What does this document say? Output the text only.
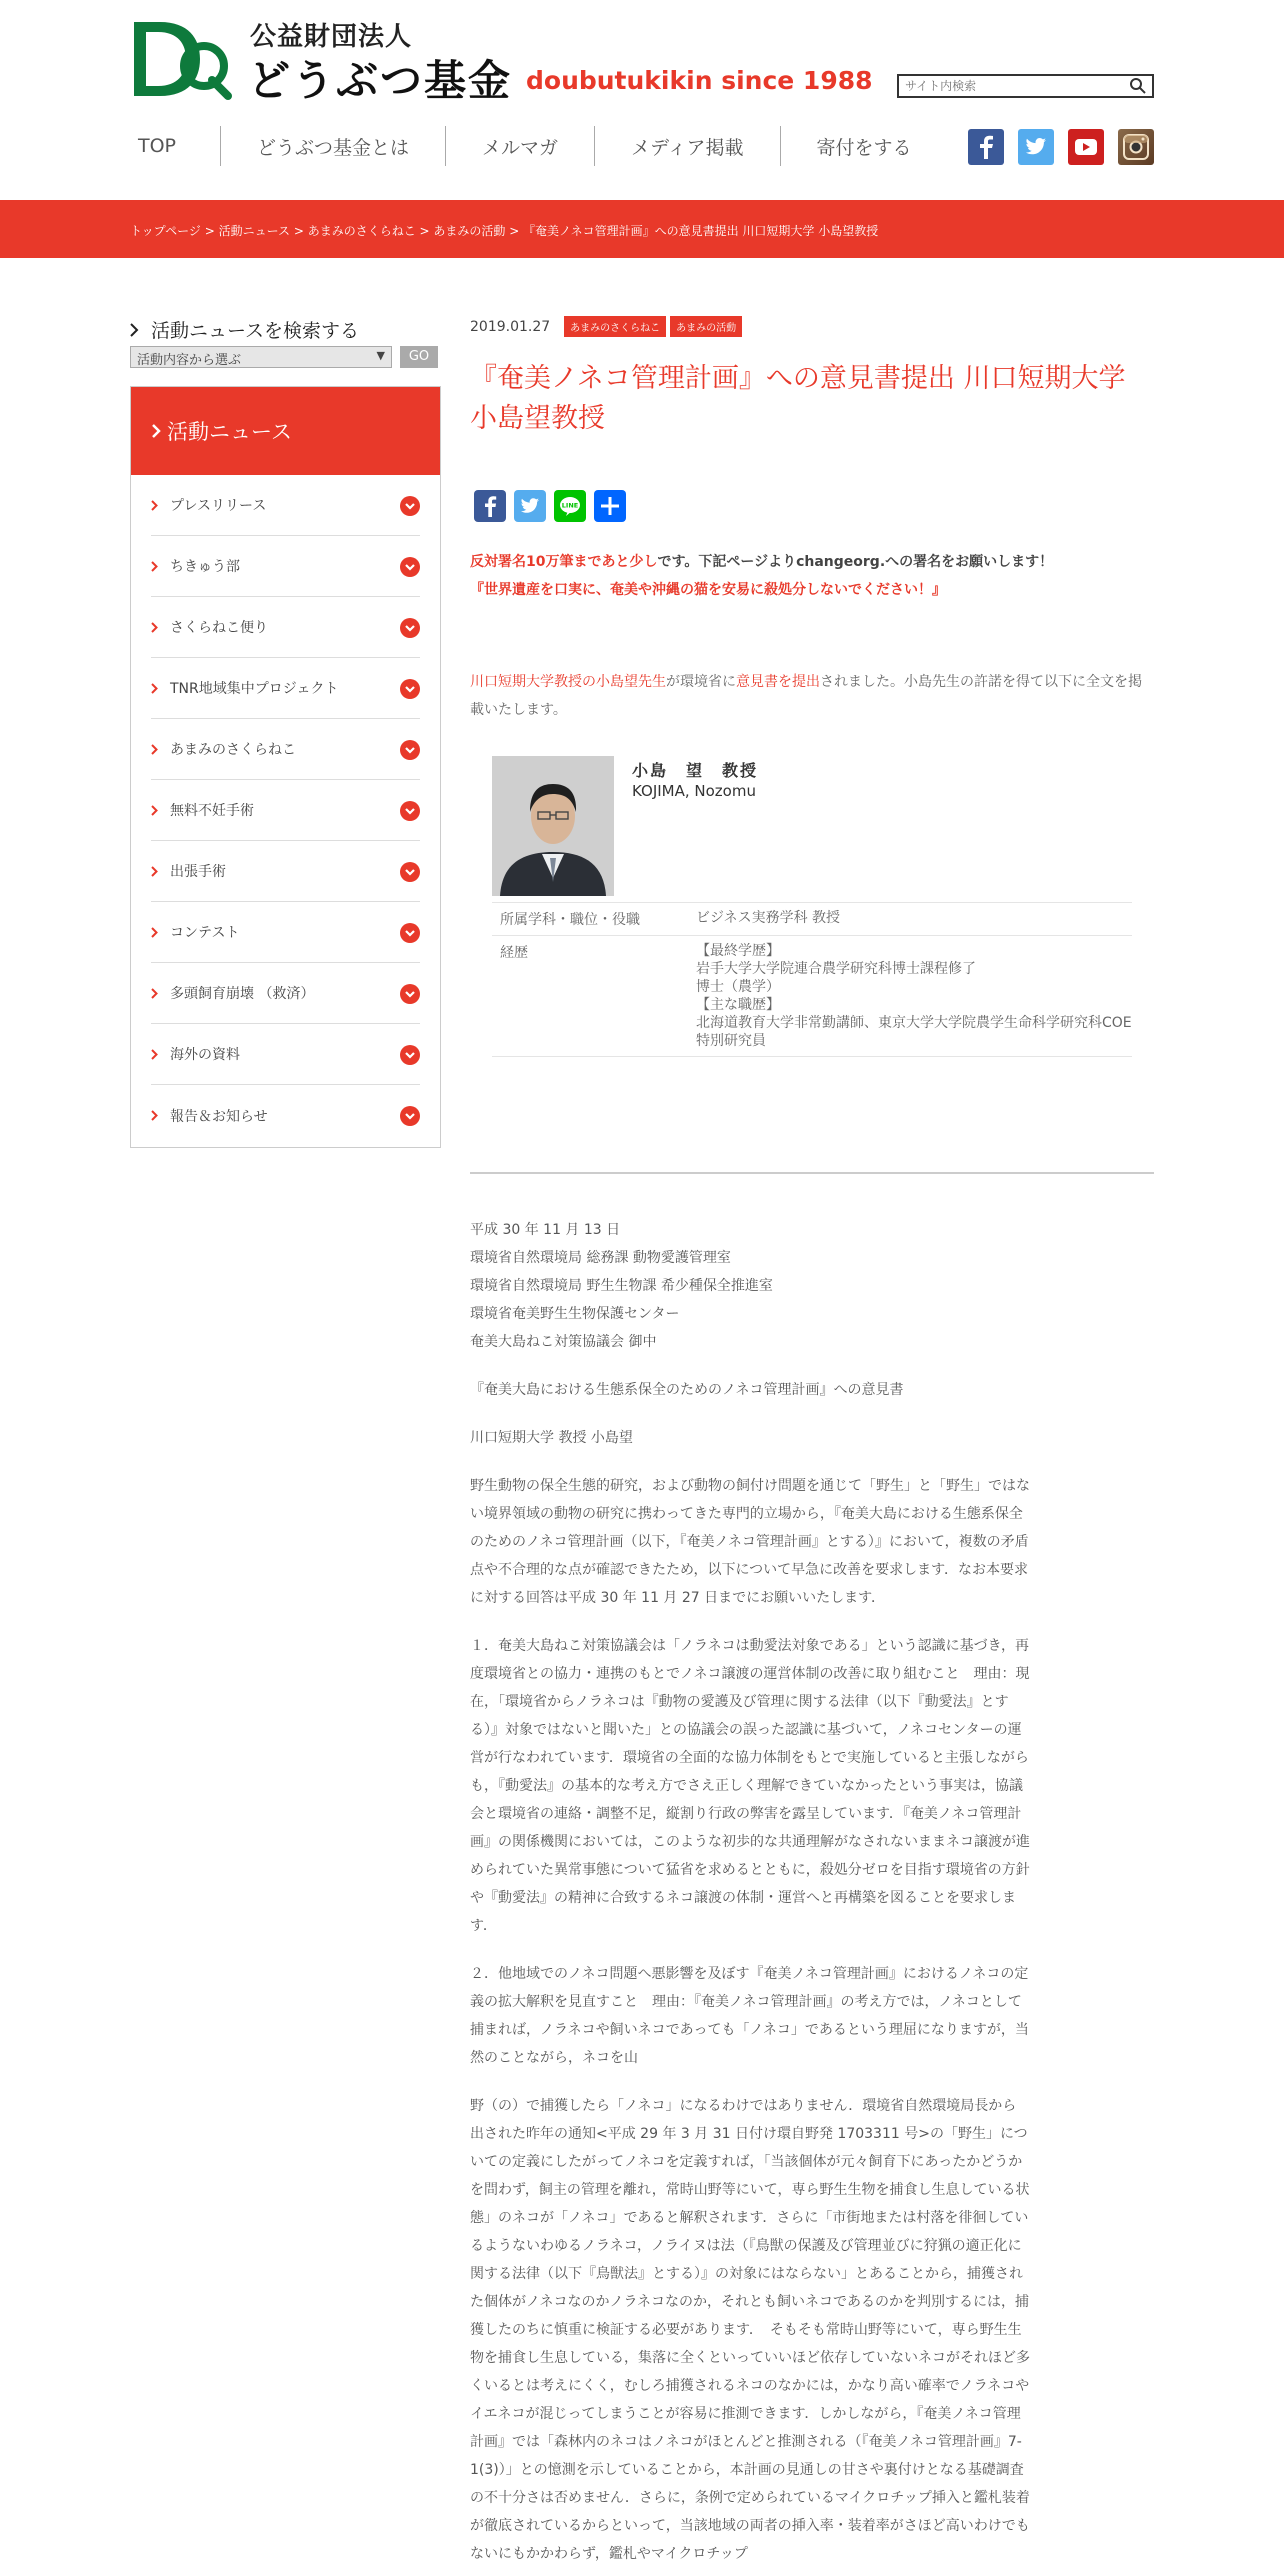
公益財団法人
どうぶつ基金 doubutukikin since 1988
サイト内検索
TOP	どうぶつ基金とは	メルマガ	メディア掲載	寄付をする
トップページ > 活動ニュース > あまみのさくらねこ > あまみの活動 > 『奄美ノネコ管理計画』への意見書提出 川口短期大学 小島望教授
活動ニュースを検索する
活動内容から選ぶ	▼	GO
活動ニュース
プレスリリース
ちきゅう部
さくらねこ便り
TNR地域集中プロジェクト
あまみのさくらねこ
無料不妊手術
出張手術
コンテスト
多頭飼育崩壊 （救済）
海外の資料
報告＆お知らせ
2019.01.27	あまみのさくらねこ	あまみの活動
『奄美ノネコ管理計画』への意見書提出 川口短期大学 小島望教授
LINE
反対署名10万筆まであと少しです。下記ページよりchangeorg.への署名をお願いします！
『世界遺産を口実に、奄美や沖縄の猫を安易に殺処分しないでください！』
川口短期大学教授の小島望先生が環境省に意見書を提出されました。小島先生の許諾を得て以下に全文を掲載いたします。
小島　望　教授
KOJIMA, Nozomu
所属学科・職位・役職	ビジネス実務学科 教授
経歴	【最終学歴】
岩手大学大学院連合農学研究科博士課程修了
博士（農学）
【主な職歴】
北海道教育大学非常勤講師、東京大学大学院農学生命科学研究科COE特別研究員

平成 30 年 11 月 13 日
環境省自然環境局 総務課 動物愛護管理室
環境省自然環境局 野生生物課 希少種保全推進室
環境省奄美野生生物保護センター
奄美大島ねこ対策協議会 御中

『奄美大島における生態系保全のためのノネコ管理計画』への意見書

川口短期大学 教授 小島望

野生動物の保全生態的研究，および動物の飼付け問題を通じて「野生」と「野生」ではない境界領域の動物の研究に携わってきた専門的立場から，『奄美大島における生態系保全のためのノネコ管理計画（以下，『奄美ノネコ管理計画』とする）』において，複数の矛盾点や不合理的な点が確認できたため，以下について早急に改善を要求します．なお本要求に対する回答は平成 30 年 11 月 27 日までにお願いいたします．

１．奄美大島ねこ対策協議会は「ノラネコは動愛法対象である」という認識に基づき，再度環境省との協力・連携のもとでノネコ譲渡の運営体制の改善に取り組むこと　理由：現在，「環境省からノラネコは『動物の愛護及び管理に関する法律（以下『動愛法』とする）』対象ではないと聞いた」との協議会の誤った認識に基づいて，ノネコセンターの運営が行なわれています．環境省の全面的な協力体制をもとで実施していると主張しながらも，『動愛法』の基本的な考え方でさえ正しく理解できていなかったという事実は，協議会と環境省の連絡・調整不足，縦割り行政の弊害を露呈しています．『奄美ノネコ管理計画』の関係機関においては，このような初歩的な共通理解がなされないままネコ譲渡が進められていた異常事態について猛省を求めるとともに，殺処分ゼロを目指す環境省の方針や『動愛法』の精神に合致するネコ譲渡の体制・運営へと再構築を図ることを要求します．

２．他地域でのノネコ問題へ悪影響を及ぼす『奄美ノネコ管理計画』におけるノネコの定義の拡大解釈を見直すこと　理由：『奄美ノネコ管理計画』の考え方では，ノネコとして捕まれば，ノラネコや飼いネコであっても「ノネコ」であるという理屈になりますが，当然のことながら，ネコを山

野（の）で捕獲したら「ノネコ」になるわけではありません．環境省自然環境局長から出された昨年の通知<平成 29 年 3 月 31 日付け環自野発 1703311 号>の「野生」についての定義にしたがってノネコを定義すれば，「当該個体が元々飼育下にあったかどうかを問わず，飼主の管理を離れ，常時山野等にいて，専ら野生生物を捕食し生息している状態」のネコが「ノネコ」であると解釈されます．さらに「市街地または村落を徘徊しているようないわゆるノラネコ，ノライヌは法（『鳥獣の保護及び管理並びに狩猟の適正化に関する法律（以下『鳥獣法』とする）』の対象にはならない」とあることから，捕獲された個体がノネコなのかノラネコなのか，それとも飼いネコであるのかを判別するには，捕獲したのちに慎重に検証する必要があります．　そもそも常時山野等にいて，専ら野生生物を捕食し生息している，集落に全くといっていいほど依存していないネコがそれほど多くいるとは考えにくく，むしろ捕獲されるネコのなかには，かなり高い確率でノラネコやイエネコが混じってしまうことが容易に推測できます．しかしながら，『奄美ノネコ管理計画』では「森林内のネコはノネコがほとんどと推測される（『奄美ノネコ管理計画』7-1(3)）」との憶測を示していることから，本計画の見通しの甘さや裏付けとなる基礎調査の不十分さは否めません．さらに，条例で定められているマイクロチップ挿入と鑑札装着が徹底されているからといって，当該地域の両者の挿入率・装着率がさほど高いわけでもないにもかかわらず，鑑札やマイクロチップ
